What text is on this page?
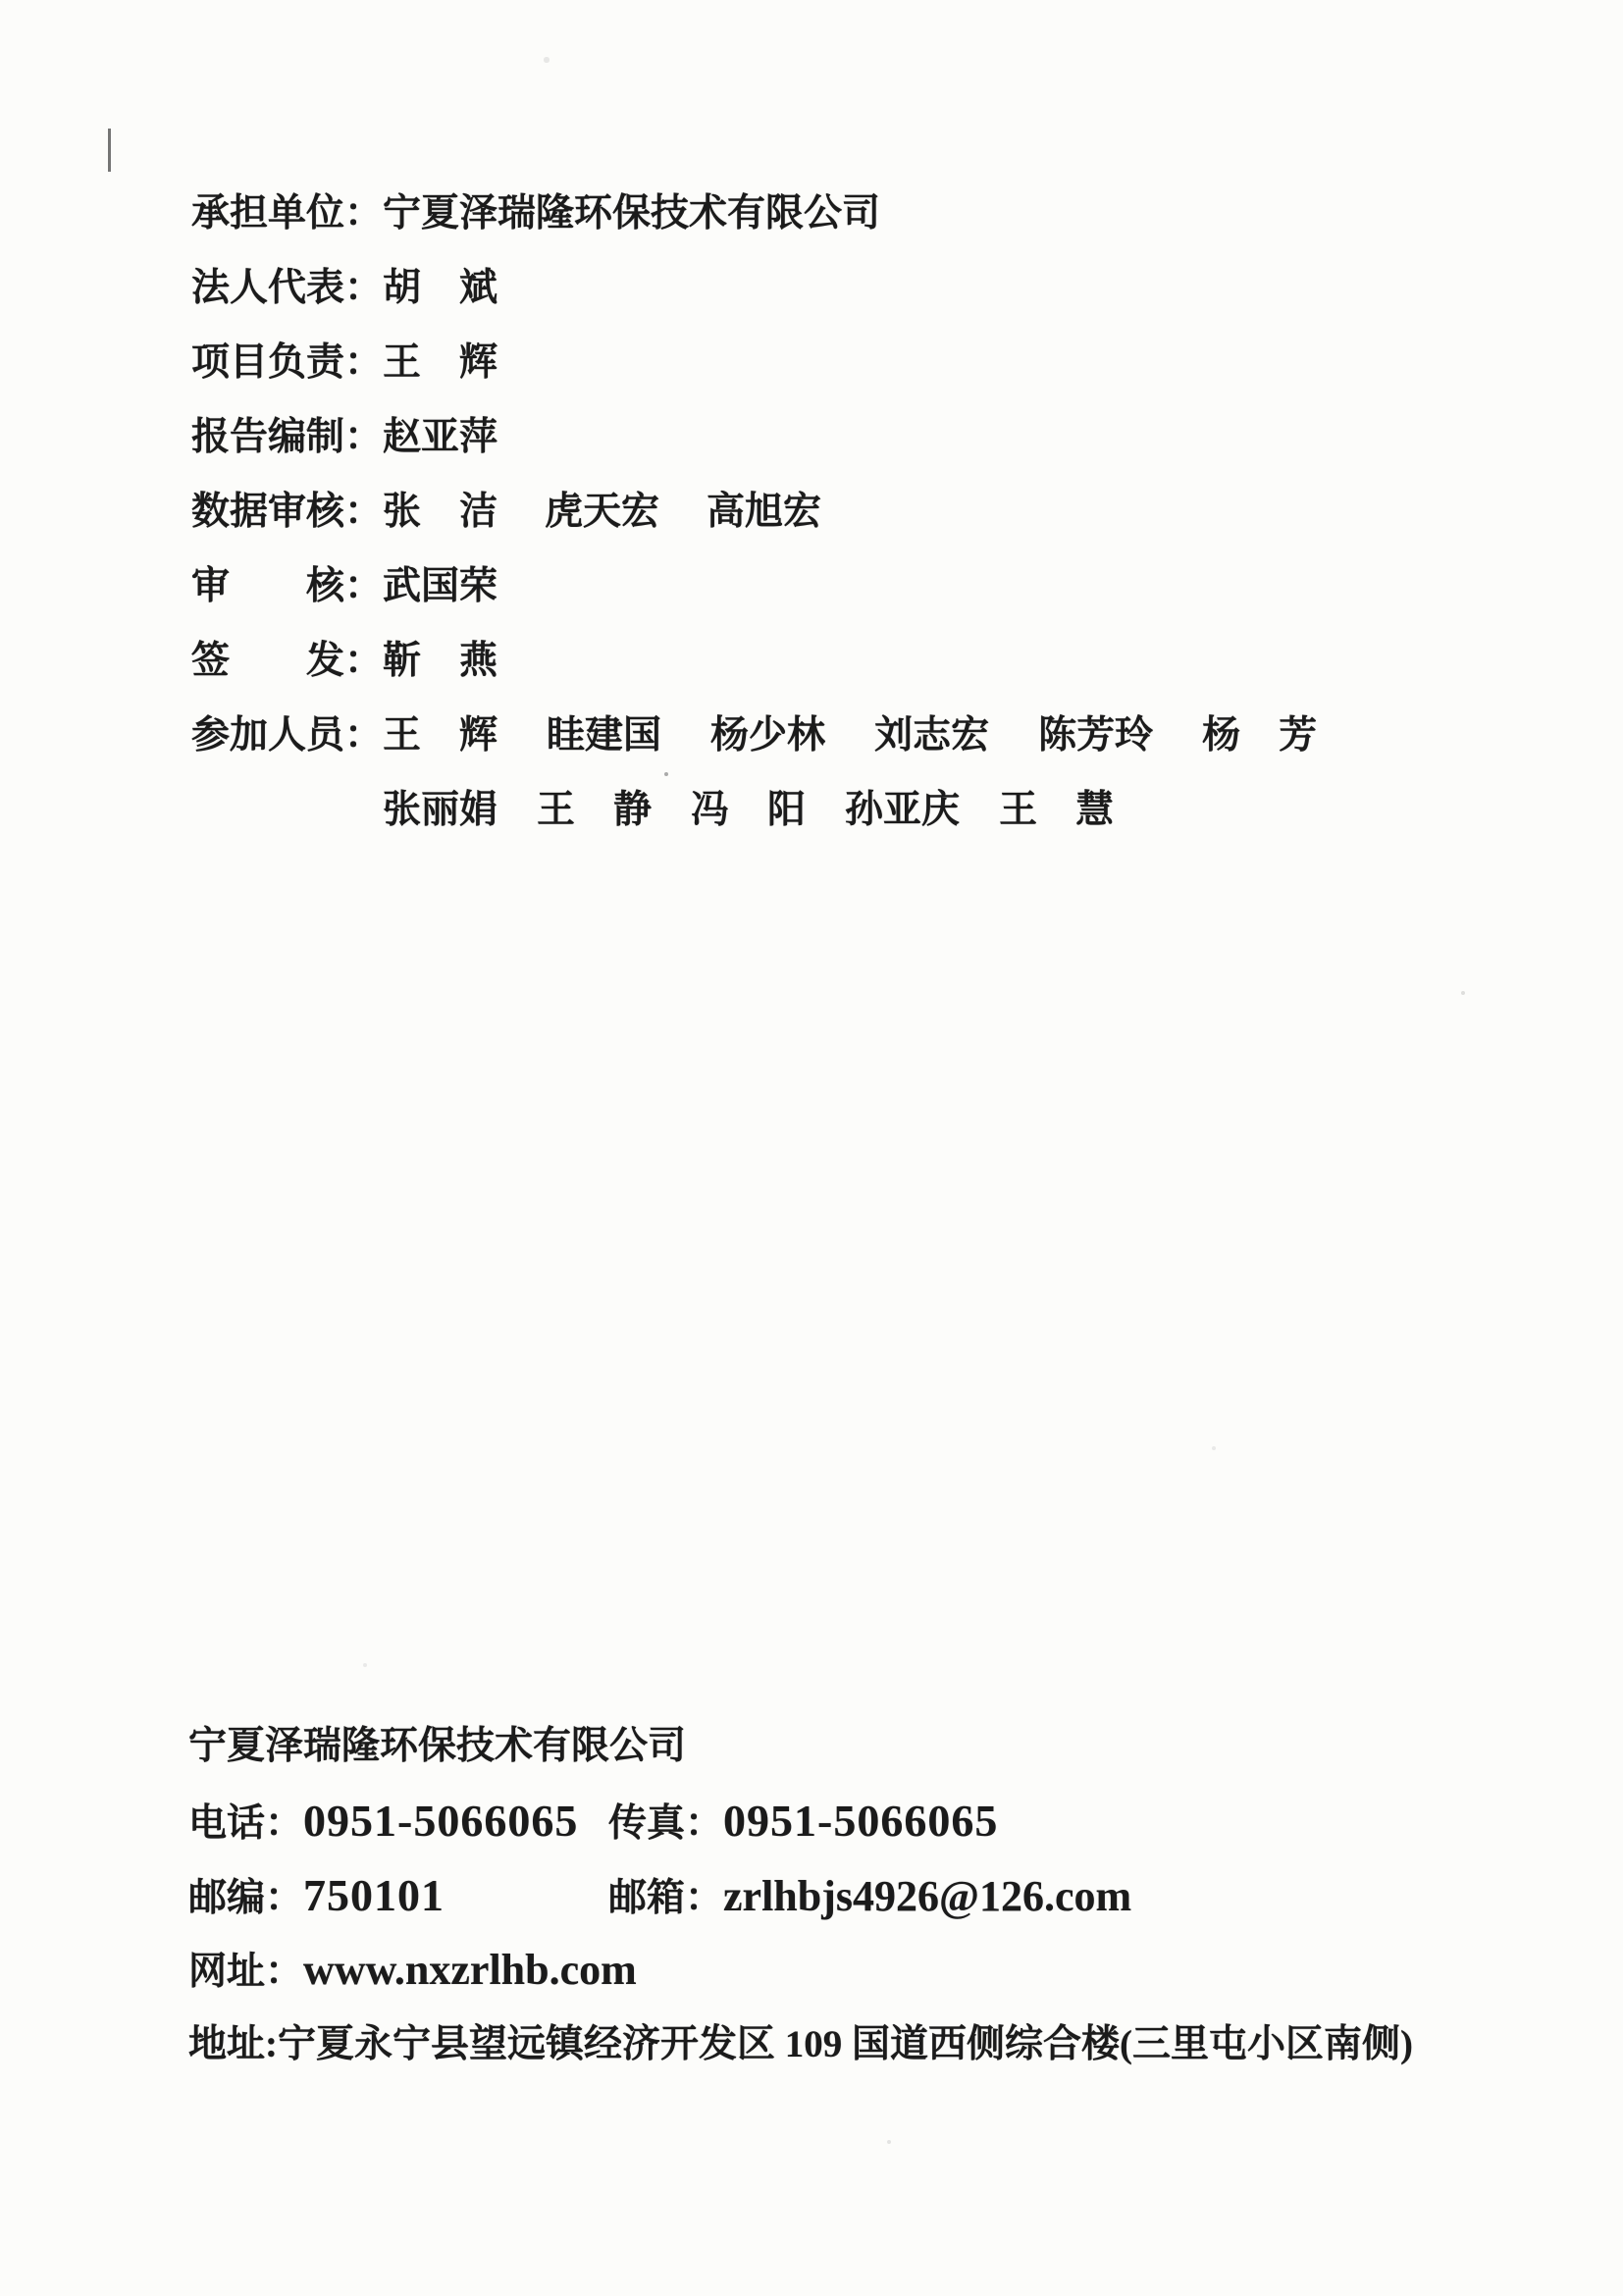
承担单位：宁夏泽瑞隆环保技术有限公司
法人代表：胡　斌
项目负责：王　辉
报告编制：赵亚萍
数据审核：张　洁 虎天宏 高旭宏
审　　核：武国荣
签　　发：靳　燕
参加人员：王　辉 眭建国 杨少林 刘志宏 陈芳玲 杨　芳
张丽娟 王　静 冯　阳 孙亚庆 王　慧
宁夏泽瑞隆环保技术有限公司
电话：0951-5066065 传真：0951-5066065
邮编：750101	邮箱：zrlhbjs4926@126.com
网址：www.nxzrlhb.com
地址:宁夏永宁县望远镇经济开发区 109 国道西侧综合楼(三里屯小区南侧)
